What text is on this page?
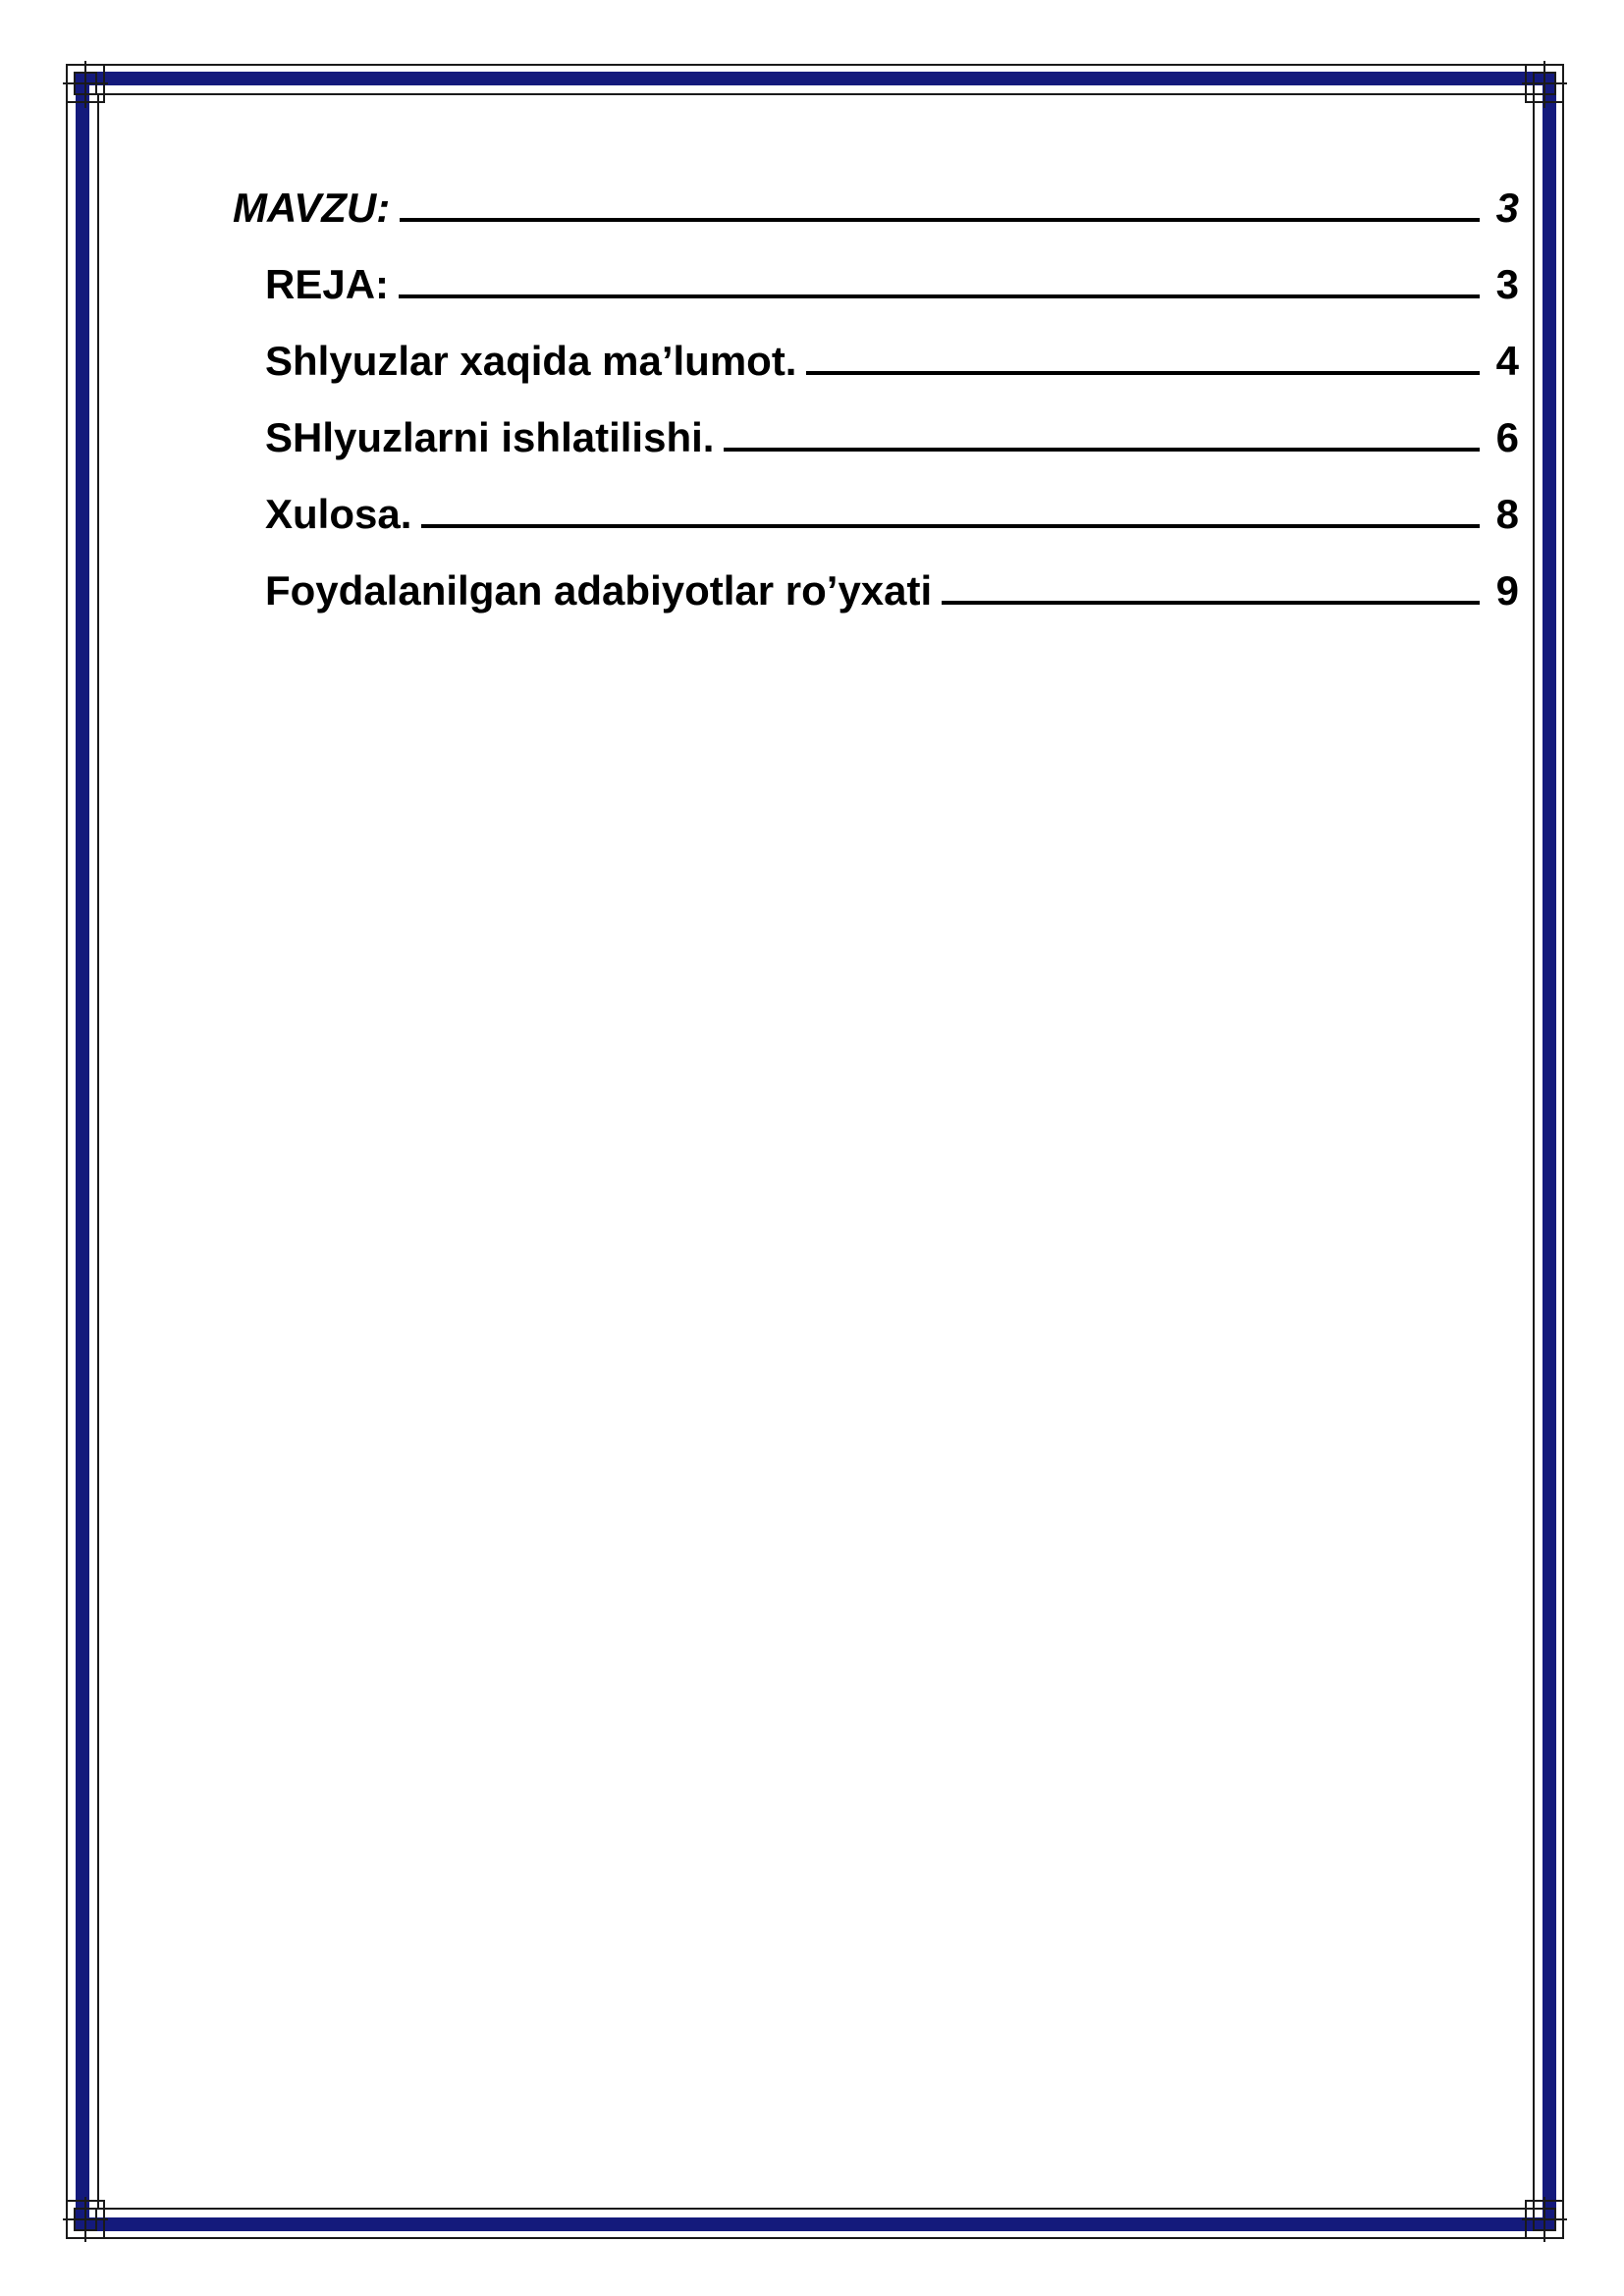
MAVZU:	3
REJA:	3
Shlyuzlar xaqida ma’lumot.	4
SHlyuzlarni ishlatilishi.	6
Xulosa.	8
Foydalanilgan adabiyotlar ro’yxati	9
